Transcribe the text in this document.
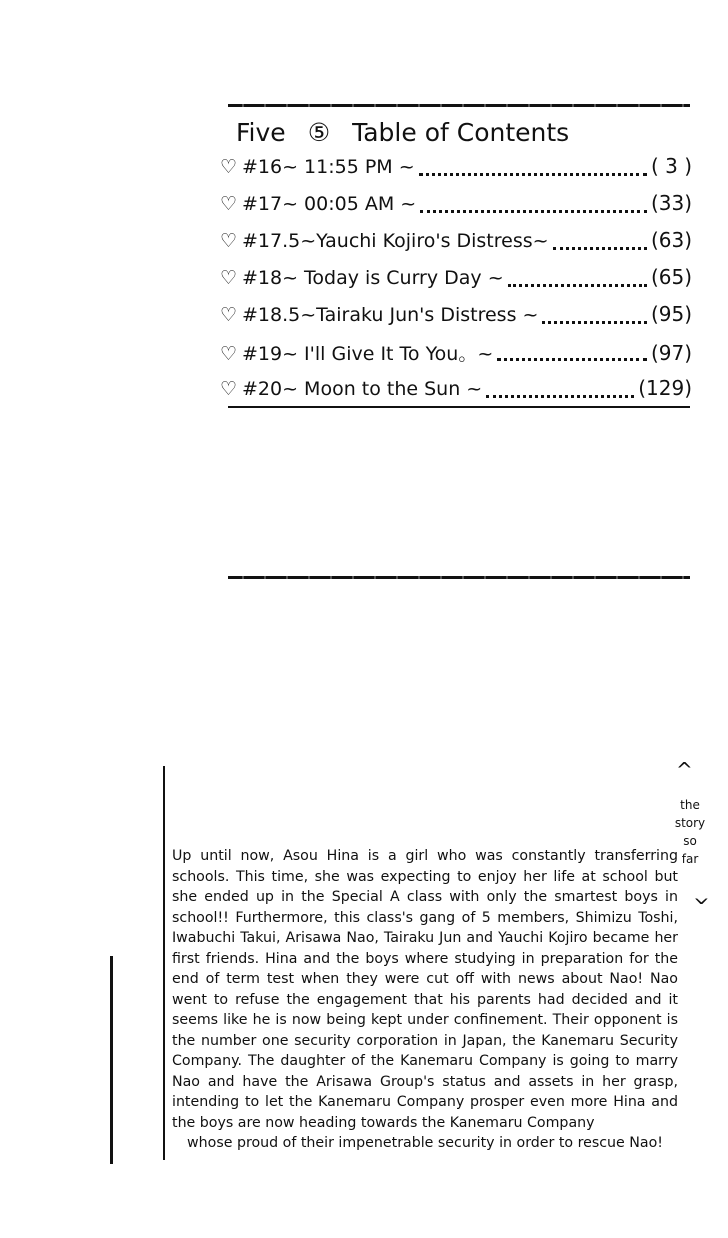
Five ⑤ Table of Contents
♡ #16~ 11:55 PM ~	( 3 )
♡ #17~ 00:05 AM ~	(33)
♡ #17.5~Yauchi Kojiro's Distress~	(63)
♡ #18~ Today is Curry Day ~	(65)
♡ #18.5~Tairaku Jun's Distress ~	(95)
♡ #19~ I'll Give It To You。~	(97)
♡ #20~ Moon to the Sun ~	(129)
^
the
story
so
far
^
Up until now, Asou Hina is a girl who was constantly transferring schools. This time, she was expecting to enjoy her life at school but she ended up in the Special A class with only the smartest boys in school!! Furthermore, this class's gang of 5 members, Shimizu Toshi, Iwabuchi Takui, Arisawa Nao, Tairaku Jun and Yauchi Kojiro became her first friends. Hina and the boys where studying in preparation for the end of term test when they were cut off with news about Nao! Nao went to refuse the engagement that his parents had decided and it seems like he is now being kept under confinement. Their opponent is the number one security corporation in Japan, the Kanemaru Security Company. The daughter of the Kanemaru Company is going to marry Nao and have the Arisawa Group's status and assets in her grasp, intending to let the Kanemaru Company prosper even more Hina and the boys are now heading towards the Kanemaru Company
whose proud of their impenetrable security in order to rescue Nao!
